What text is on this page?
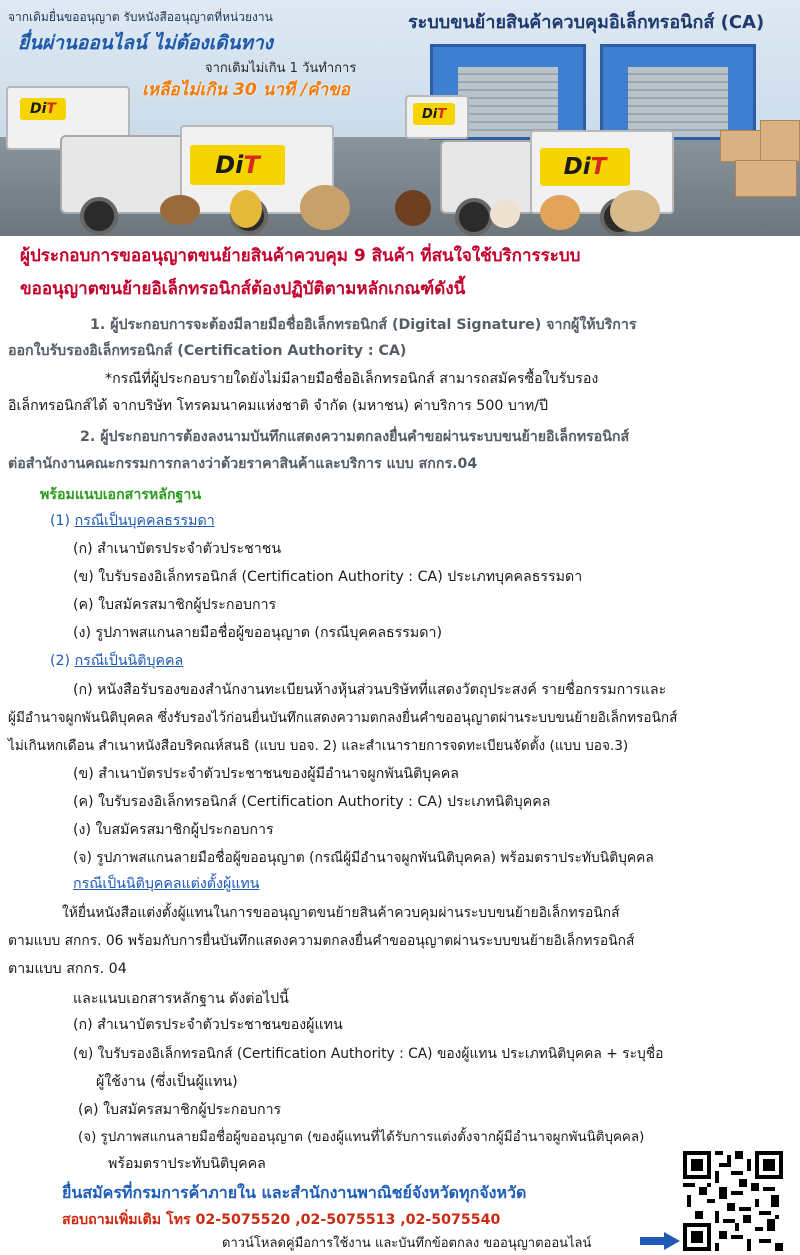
Di T
Di T
Di T
Di T
จากเดิมยื่นขออนุญาต รับหนังสืออนุญาตที่หน่วยงาน
ยื่นผ่านออนไลน์ ไม่ต้องเดินทาง
จากเดิมไม่เกิน 1 วันทำการ
เหลือไม่เกิน 30 นาที /คำขอ
ระบบขนย้ายสินค้าควบคุมอิเล็กทรอนิกส์ (CA)
ผู้ประกอบการขออนุญาตขนย้ายสินค้าควบคุม 9 สินค้า ที่สนใจใช้บริการระบบ
ขออนุญาตขนย้ายอิเล็กทรอนิกส์ต้องปฏิบัติตามหลักเกณฑ์ดังนี้
1. ผู้ประกอบการจะต้องมีลายมือชื่ออิเล็กทรอนิกส์ (Digital Signature) จากผู้ให้บริการ
ออกใบรับรองอิเล็กทรอนิกส์ (Certification Authority : CA)
*กรณีที่ผู้ประกอบรายใดยังไม่มีลายมือชื่ออิเล็กทรอนิกส์ สามารถสมัครซื้อใบรับรอง
อิเล็กทรอนิกส์ได้ จากบริษัท โทรคมนาคมแห่งชาติ จำกัด (มหาชน) ค่าบริการ 500 บาท/ปี
2. ผู้ประกอบการต้องลงนามบันทึกแสดงความตกลงยื่นคำขอผ่านระบบขนย้ายอิเล็กทรอนิกส์
ต่อสำนักงานคณะกรรมการกลางว่าด้วยราคาสินค้าและบริการ แบบ สกกร.04
พร้อมแนบเอกสารหลักฐาน
(1) กรณีเป็นบุคคลธรรมดา
(ก) สำเนาบัตรประจำตัวประชาชน
(ข) ใบรับรองอิเล็กทรอนิกส์ (Certification Authority : CA) ประเภทบุคคลธรรมดา
(ค) ใบสมัครสมาชิกผู้ประกอบการ
(ง) รูปภาพสแกนลายมือชื่อผู้ขออนุญาต (กรณีบุคคลธรรมดา)
(2) กรณีเป็นนิติบุคคล
(ก) หนังสือรับรองของสำนักงานทะเบียนห้างหุ้นส่วนบริษัทที่แสดงวัตถุประสงค์ รายชื่อกรรมการและ
ผู้มีอำนาจผูกพันนิติบุคคล ซึ่งรับรองไว้ก่อนยื่นบันทึกแสดงความตกลงยื่นคำขออนุญาตผ่านระบบขนย้ายอิเล็กทรอนิกส์
ไม่เกินหกเดือน สำเนาหนังสือบริคณห์สนธิ (แบบ บอจ. 2) และสำเนารายการจดทะเบียนจัดตั้ง (แบบ บอจ.3)
(ข) สำเนาบัตรประจำตัวประชาชนของผู้มีอำนาจผูกพันนิติบุคคล
(ค) ใบรับรองอิเล็กทรอนิกส์ (Certification Authority : CA) ประเภทนิติบุคคล
(ง) ใบสมัครสมาชิกผู้ประกอบการ
(จ) รูปภาพสแกนลายมือชื่อผู้ขออนุญาต (กรณีผู้มีอำนาจผูกพันนิติบุคคล) พร้อมตราประทับนิติบุคคล
กรณีเป็นนิติบุคคลแต่งตั้งผู้แทน
ให้ยื่นหนังสือแต่งตั้งผู้แทนในการขออนุญาตขนย้ายสินค้าควบคุมผ่านระบบขนย้ายอิเล็กทรอนิกส์
ตามแบบ สกกร. 06 พร้อมกับการยื่นบันทึกแสดงความตกลงยื่นคำขออนุญาตผ่านระบบขนย้ายอิเล็กทรอนิกส์
ตามแบบ สกกร. 04
และแนบเอกสารหลักฐาน ดังต่อไปนี้
(ก) สำเนาบัตรประจำตัวประชาชนของผู้แทน
(ข) ใบรับรองอิเล็กทรอนิกส์ (Certification Authority : CA) ของผู้แทน ประเภทนิติบุคคล + ระบุชื่อ
ผู้ใช้งาน (ซึ่งเป็นผู้แทน)
(ค) ใบสมัครสมาชิกผู้ประกอบการ
(จ) รูปภาพสแกนลายมือชื่อผู้ขออนุญาต (ของผู้แทนที่ได้รับการแต่งตั้งจากผู้มีอำนาจผูกพันนิติบุคคล)
พร้อมตราประทับนิติบุคคล
ยื่นสมัครที่กรมการค้าภายใน และสำนักงานพาณิชย์จังหวัดทุกจังหวัด
สอบถามเพิ่มเติม โทร 02-5075520 ,02-5075513 ,02-5075540
ดาวน์โหลดคู่มือการใช้งาน และบันทึกข้อตกลง ขออนุญาตออนไลน์
